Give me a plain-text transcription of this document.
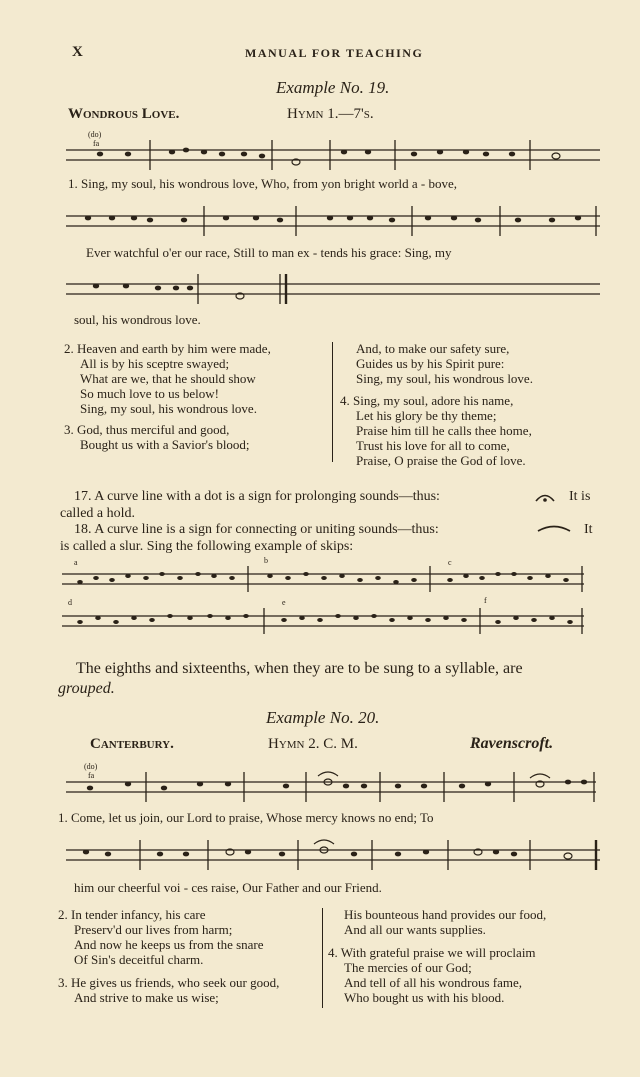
X	MANUAL FOR TEACHING
Example No. 19.
Wondrous Love.	Hymn 1.—7's.
(do)
fa
1. Sing, my soul, his wondrous love, Who, from yon bright world a - bove,
Ever watchful o'er our race, Still to man ex - tends his grace: Sing, my
soul, his wondrous love.
2. Heaven and earth by him were made,
All is by his sceptre swayed;
What are we, that he should show
So much love to us below!
Sing, my soul, his wondrous love.
3. God, thus merciful and good,
Bought us with a Savior's blood;
And, to make our safety sure,
Guides us by his Spirit pure:
Sing, my soul, his wondrous love.
4. Sing, my soul, adore his name,
Let his glory be thy theme;
Praise him till he calls thee home,
Trust his love for all to come,
Praise, O praise the God of love.
17. A curve line with a dot is a sign for prolonging sounds—thus:	It is
called a hold.
18. A curve line is a sign for connecting or uniting sounds—thus:	It
is called a slur. Sing the following example of skips:
a	b	c
d	e	f
The eighths and sixteenths, when they are to be sung to a syllable, are
grouped.
Example No. 20.
Canterbury.	Hymn 2. C. M.	Ravenscroft.
(do)
fa
1. Come, let us join, our Lord to praise, Whose mercy knows no end; To
him our cheerful voi - ces raise, Our Father and our Friend.
2. In tender infancy, his care
Preserv'd our lives from harm;
And now he keeps us from the snare
Of Sin's deceitful charm.
3. He gives us friends, who seek our good,
And strive to make us wise;
His bounteous hand provides our food,
And all our wants supplies.
4. With grateful praise we will proclaim
The mercies of our God;
And tell of all his wondrous fame,
Who bought us with his blood.
